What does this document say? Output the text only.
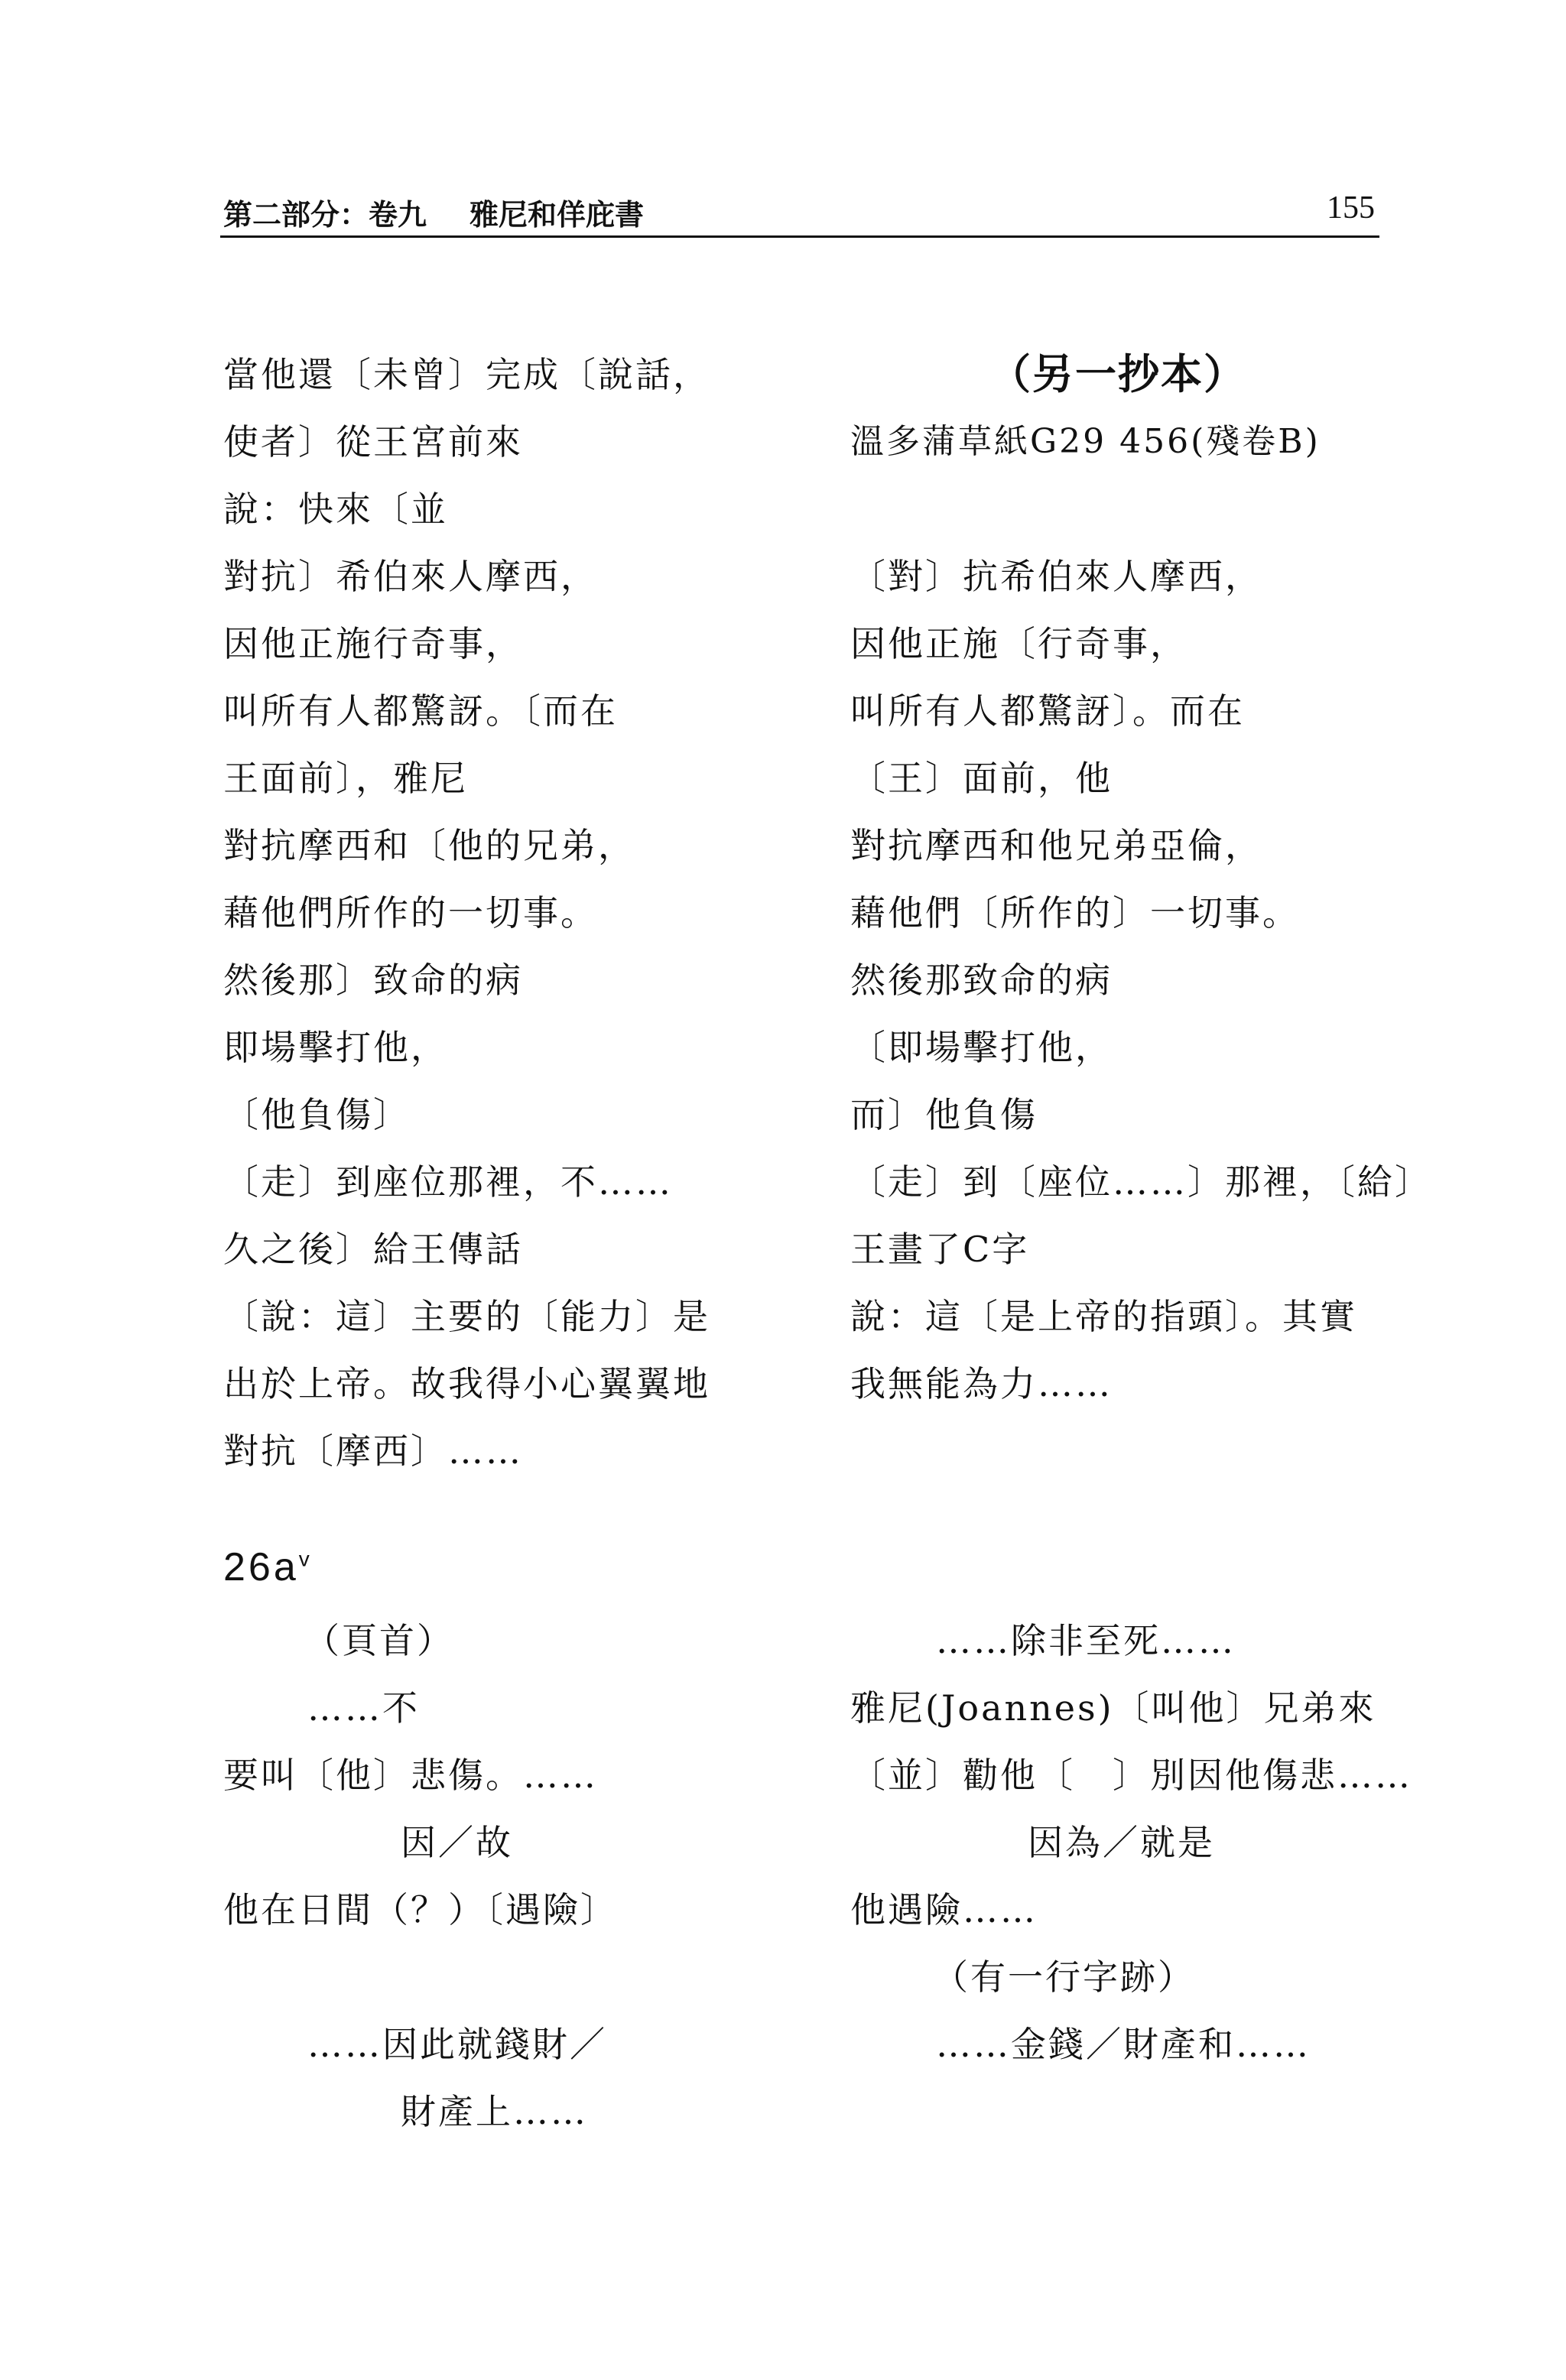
第二部分：卷九 雅尼和佯庇書	155
當他還〔未曾〕完成〔說話，
使者〕從王宮前來
說：快來〔並
對抗〕希伯來人摩西，
因他正施行奇事，
叫所有人都驚訝。〔而在
王面前〕，雅尼
對抗摩西和〔他的兄弟，
藉他們所作的一切事。
然後那〕致命的病
即場擊打他，
〔他負傷〕
〔走〕到座位那裡，不……
久之後〕給王傳話
〔說：這〕主要的〔能力〕是
出於上帝。故我得小心翼翼地
對抗〔摩西〕……
（另一抄本）
溫多蒲草紙G29 456(殘卷B)
〔對〕抗希伯來人摩西，
因他正施〔行奇事，
叫所有人都驚訝〕。而在
〔王〕面前，他
對抗摩西和他兄弟亞倫，
藉他們〔所作的〕一切事。
然後那致命的病
〔即場擊打他，
而〕他負傷
〔走〕到〔座位……〕那裡，〔給〕
王畫了C字
說：這〔是上帝的指頭〕。其實
我無能為力……
$26a^v$
（頁首）
……不
要叫〔他〕悲傷。……
因／故
他在日間（？）〔遇險〕
……因此就錢財／
財產上……
……除非至死……
雅尼(Joannes)〔叫他〕兄弟來
〔並〕勸他〔　〕別因他傷悲……
因為／就是
他遇險……
（有一行字跡）
……金錢／財產和……
